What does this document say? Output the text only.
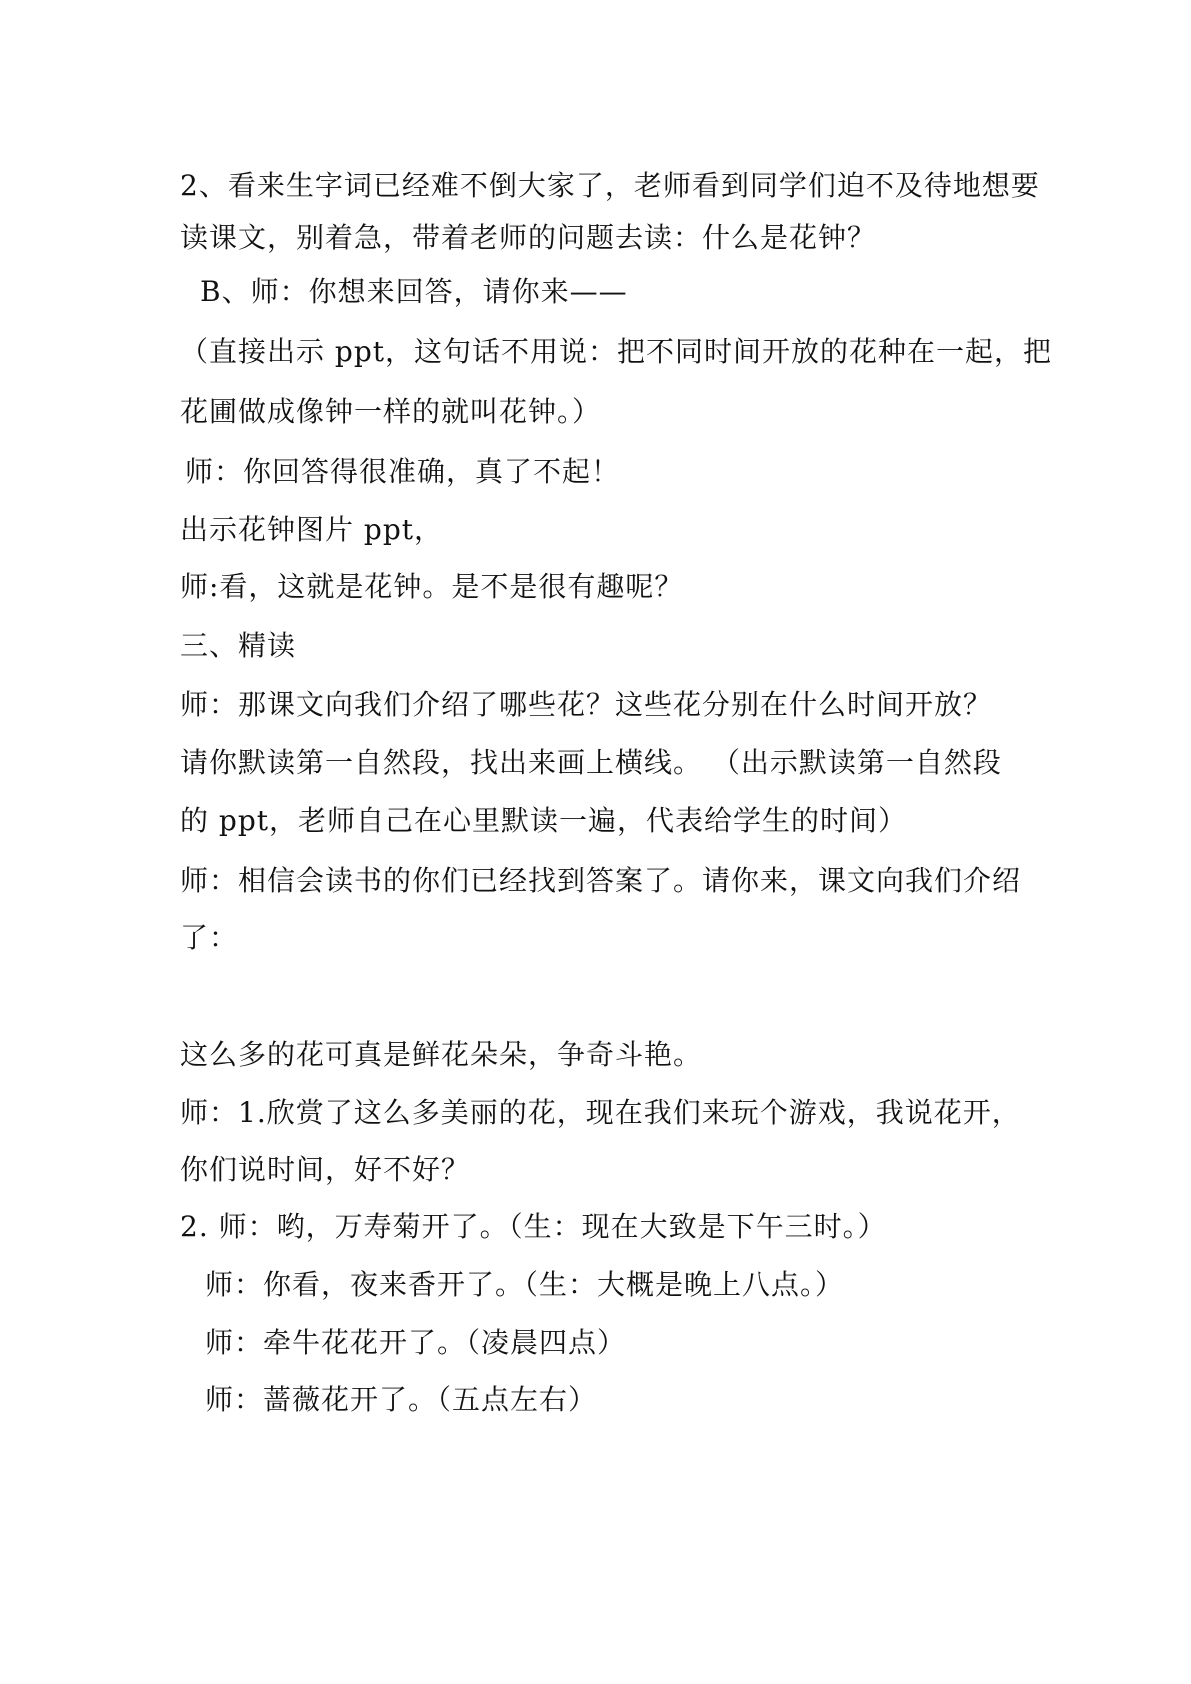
2、看来生字词已经难不倒大家了，老师看到同学们迫不及待地想要
读课文，别着急，带着老师的问题去读：什么是花钟？
B、师：你想来回答，请你来——
（直接出示 ppt，这句话不用说：把不同时间开放的花种在一起，把
花圃做成像钟一样的就叫花钟。）
师：你回答得很准确，真了不起！
出示花钟图片 ppt，
师:看，这就是花钟。是不是很有趣呢？
三、精读
师：那课文向我们介绍了哪些花？这些花分别在什么时间开放？
请你默读第一自然段，找出来画上横线。 （出示默读第一自然段
的 ppt，老师自己在心里默读一遍，代表给学生的时间）
师：相信会读书的你们已经找到答案了。请你来，课文向我们介绍
了：
这么多的花可真是鲜花朵朵，争奇斗艳。
师：1.欣赏了这么多美丽的花，现在我们来玩个游戏，我说花开，
你们说时间，好不好？
2. 师：哟，万寿菊开了。（生：现在大致是下午三时。）
师：你看，夜来香开了。（生：大概是晚上八点。）
师：牵牛花花开了。（凌晨四点）
师：蔷薇花开了。（五点左右）
